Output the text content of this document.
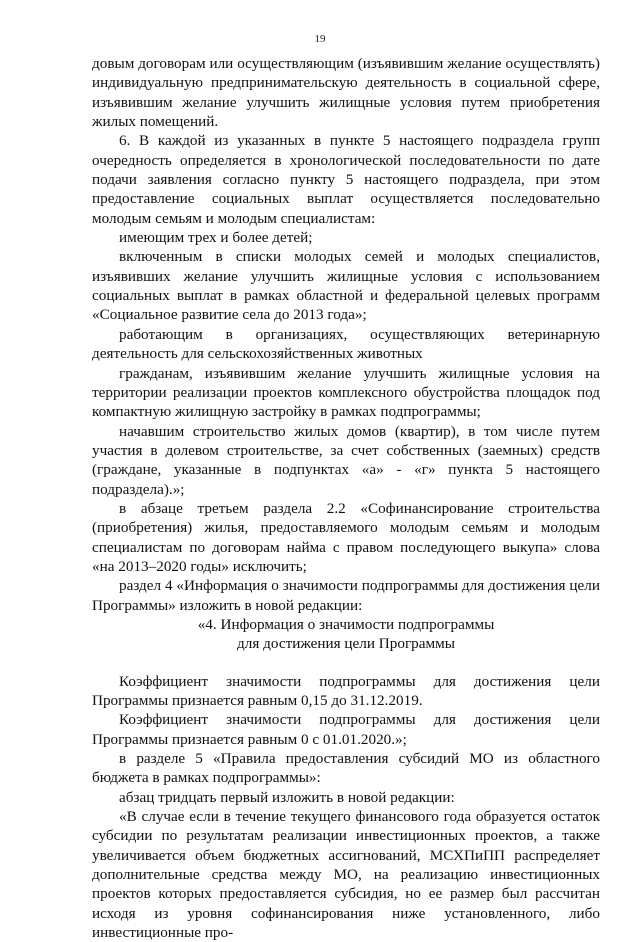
19

довым договорам или осуществляющим (изъявившим желание осуществлять) индивидуальную предпринимательскую деятельность в социальной сфере, изъявившим желание улучшить жилищные условия путем приобретения жилых помещений.

6. В каждой из указанных в пункте 5 настоящего подраздела групп очередность определяется в хронологической последовательности по дате подачи заявления согласно пункту 5 настоящего подраздела, при этом предоставление социальных выплат осуществляется последовательно молодым семьям и молодым специалистам:

имеющим трех и более детей;

включенным в списки молодых семей и молодых специалистов, изъявивших желание улучшить жилищные условия с использованием социальных выплат в рамках областной и федеральной целевых программ «Социальное развитие села до 2013 года»;

работающим в организациях, осуществляющих ветеринарную деятельность для сельскохозяйственных животных

гражданам, изъявившим желание улучшить жилищные условия на территории реализации проектов комплексного обустройства площадок под компактную жилищную застройку в рамках подпрограммы;

начавшим строительство жилых домов (квартир), в том числе путем участия в долевом строительстве, за счет собственных (заемных) средств (граждане, указанные в подпунктах «а» - «г» пункта 5 настоящего подраздела).»;

в абзаце третьем раздела 2.2 «Софинансирование строительства (приобретения) жилья, предоставляемого молодым семьям и молодым специалистам по договорам найма с правом последующего выкупа» слова «на 2013–2020 годы» исключить;

раздел 4 «Информация о значимости подпрограммы для достижения цели Программы» изложить в новой редакции:

«4. Информация о значимости подпрограммы

для достижения цели Программы

Коэффициент значимости подпрограммы для достижения цели Программы признается равным 0,15 до 31.12.2019.

Коэффициент значимости подпрограммы для достижения цели Программы признается равным 0 с 01.01.2020.»;

в разделе 5 «Правила предоставления субсидий МО из областного бюджета в рамках подпрограммы»:

абзац тридцать первый изложить в новой редакции:

«В случае если в течение текущего финансового года образуется остаток субсидии по результатам реализации инвестиционных проектов, а также увеличивается объем бюджетных ассигнований, МСХПиПП распределяет дополнительные средства между МО, на реализацию инвестиционных проектов которых предоставляется субсидия, но ее размер был рассчитан исходя из уровня софинансирования ниже установленного, либо инвестиционные про-
